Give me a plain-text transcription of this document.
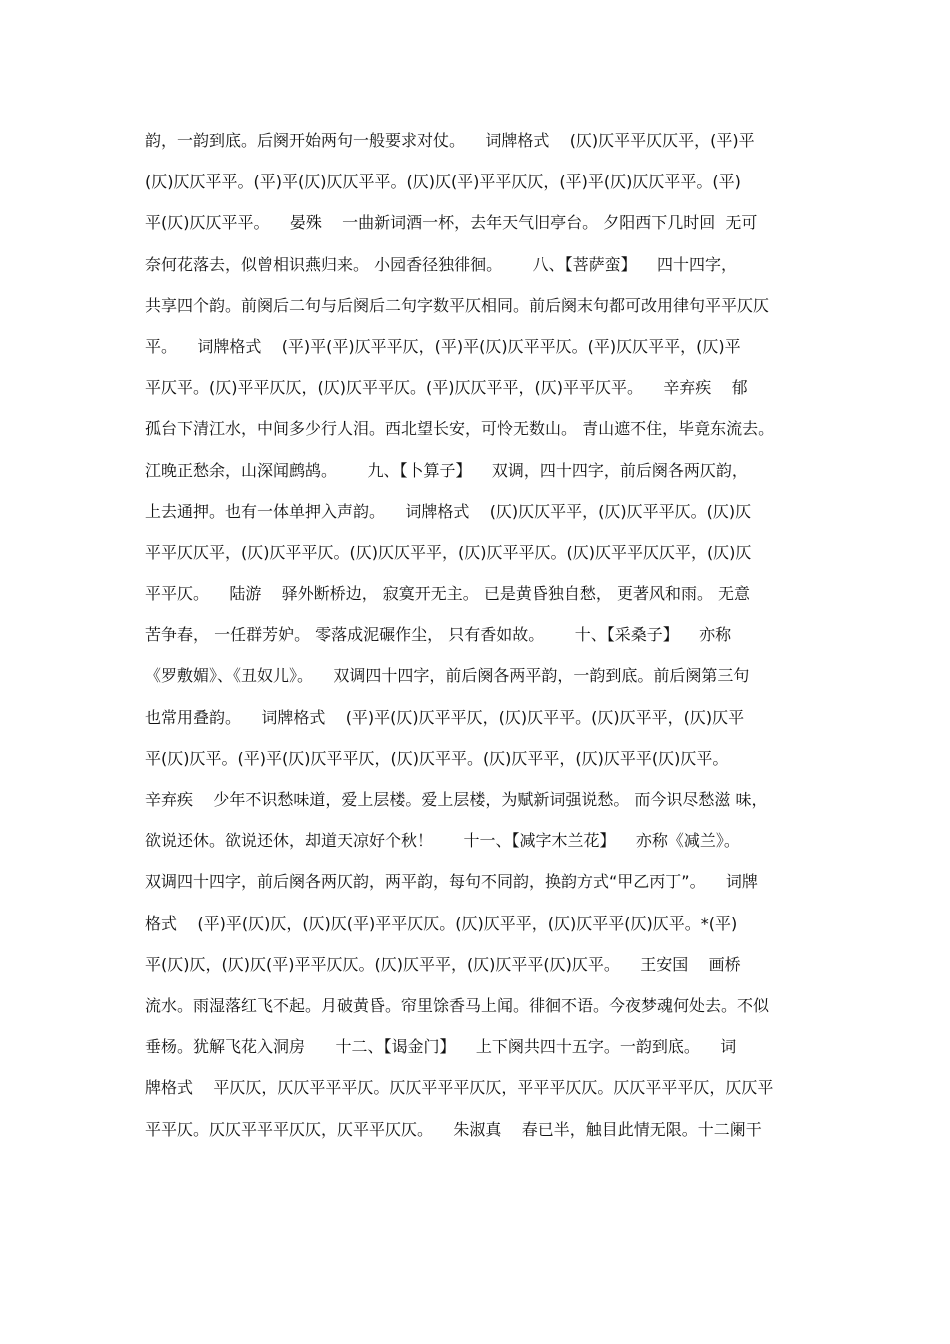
韵，一韵到底。后阕开始两句一般要求对仗。    词牌格式    (仄)仄平平仄仄平，(平)平
(仄)仄仄平平。(平)平(仄)仄仄平平。(仄)仄(平)平平仄仄，(平)平(仄)仄仄平平。(平)
平(仄)仄仄平平。    晏殊    一曲新词酒一杯，去年天气旧亭台。 夕阳西下几时回  无可
奈何花落去，似曾相识燕归来。 小园香径独徘徊。      八、【菩萨蛮】    四十四字，
共享四个韵。前阕后二句与后阕后二句字数平仄相同。前后阕末句都可改用律句平平仄仄
平。    词牌格式    (平)平(平)仄平平仄，(平)平(仄)仄平平仄。(平)仄仄平平，(仄)平
平仄平。(仄)平平仄仄，(仄)仄平平仄。(平)仄仄平平，(仄)平平仄平。    辛弃疾    郁
孤台下清江水，中间多少行人泪。西北望长安，可怜无数山。 青山遮不住，毕竟东流去。
江晚正愁余，山深闻鹧鸪。      九、【卜算子】    双调，四十四字，前后阕各两仄韵，
上去通押。也有一体单押入声韵。    词牌格式    (仄)仄仄平平，(仄)仄平平仄。(仄)仄
平平仄仄平，(仄)仄平平仄。(仄)仄仄平平，(仄)仄平平仄。(仄)仄平平仄仄平，(仄)仄
平平仄。    陆游    驿外断桥边， 寂寞开无主。 已是黄昏独自愁， 更著风和雨。 无意
苦争春， 一任群芳妒。 零落成泥碾作尘， 只有香如故。      十、【采桑子】    亦称
《罗敷媚》、《丑奴儿》。    双调四十四字，前后阕各两平韵，一韵到底。前后阕第三句
也常用叠韵。    词牌格式    (平)平(仄)仄平平仄，(仄)仄平平。(仄)仄平平，(仄)仄平
平(仄)仄平。(平)平(仄)仄平平仄，(仄)仄平平。(仄)仄平平，(仄)仄平平(仄)仄平。
辛弃疾    少年不识愁味道，爱上层楼。爱上层楼，为赋新词强说愁。 而今识尽愁滋 味，
欲说还休。欲说还休，却道天凉好个秋！      十一、【减字木兰花】    亦称《减兰》。
双调四十四字，前后阕各两仄韵，两平韵，每句不同韵，换韵方式“甲乙丙丁”。    词牌
格式    (平)平(仄)仄，(仄)仄(平)平平仄仄。(仄)仄平平，(仄)仄平平(仄)仄平。*(平)
平(仄)仄，(仄)仄(平)平平仄仄。(仄)仄平平，(仄)仄平平(仄)仄平。    王安国    画桥
流水。雨湿落红飞不起。月破黄昏。帘里馀香马上闻。徘徊不语。今夜梦魂何处去。不似
垂杨。犹解飞花入洞房      十二、【谒金门】    上下阕共四十五字。一韵到底。    词
牌格式    平仄仄，仄仄平平平仄。仄仄平平平仄仄，平平平仄仄。仄仄平平平仄，仄仄平
平平仄。仄仄平平平仄仄，仄平平仄仄。    朱淑真    春已半，触目此情无限。十二阑干
